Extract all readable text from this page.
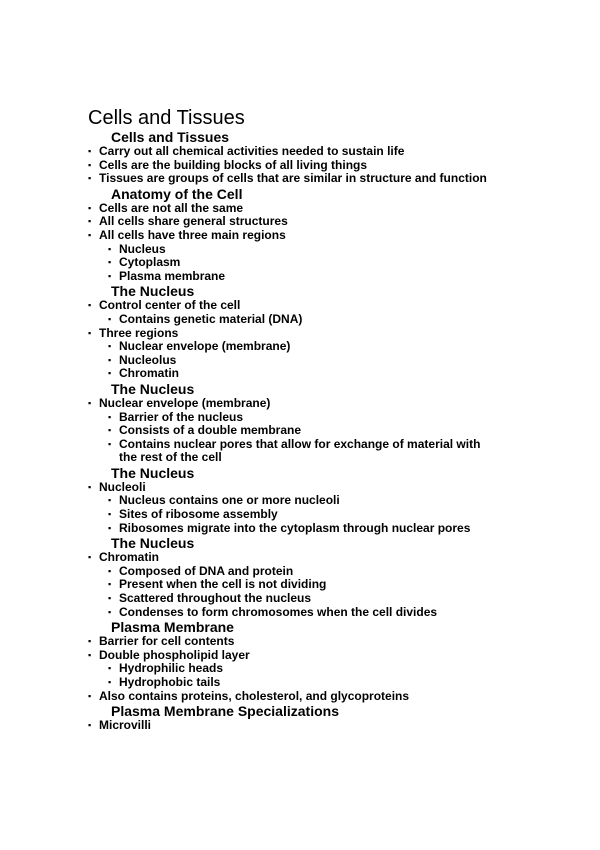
Cells and Tissues
Cells and Tissues
▪ Carry out all chemical activities needed to sustain life
▪ Cells are the building blocks of all living things
▪ Tissues are groups of cells that are similar in structure and function
Anatomy of the Cell
▪ Cells are not all the same
▪ All cells share general structures
▪ All cells have three main regions
▪ Nucleus
▪ Cytoplasm
▪ Plasma membrane
The Nucleus
▪ Control center of the cell
▪ Contains genetic material (DNA)
▪ Three regions
▪ Nuclear envelope (membrane)
▪ Nucleolus
▪ Chromatin
The Nucleus
▪ Nuclear envelope (membrane)
▪ Barrier of the nucleus
▪ Consists of a double membrane
▪ Contains nuclear pores that allow for exchange of material with the rest of the cell
The Nucleus
▪ Nucleoli
▪ Nucleus contains one or more nucleoli
▪ Sites of ribosome assembly
▪ Ribosomes migrate into the cytoplasm through nuclear pores
The Nucleus
▪ Chromatin
▪ Composed of DNA and protein
▪ Present when the cell is not dividing
▪ Scattered throughout the nucleus
▪ Condenses to form chromosomes when the cell divides
Plasma Membrane
▪ Barrier for cell contents
▪ Double phospholipid layer
▪ Hydrophilic heads
▪ Hydrophobic tails
▪ Also contains proteins, cholesterol, and glycoproteins
Plasma Membrane Specializations
▪ Microvilli
